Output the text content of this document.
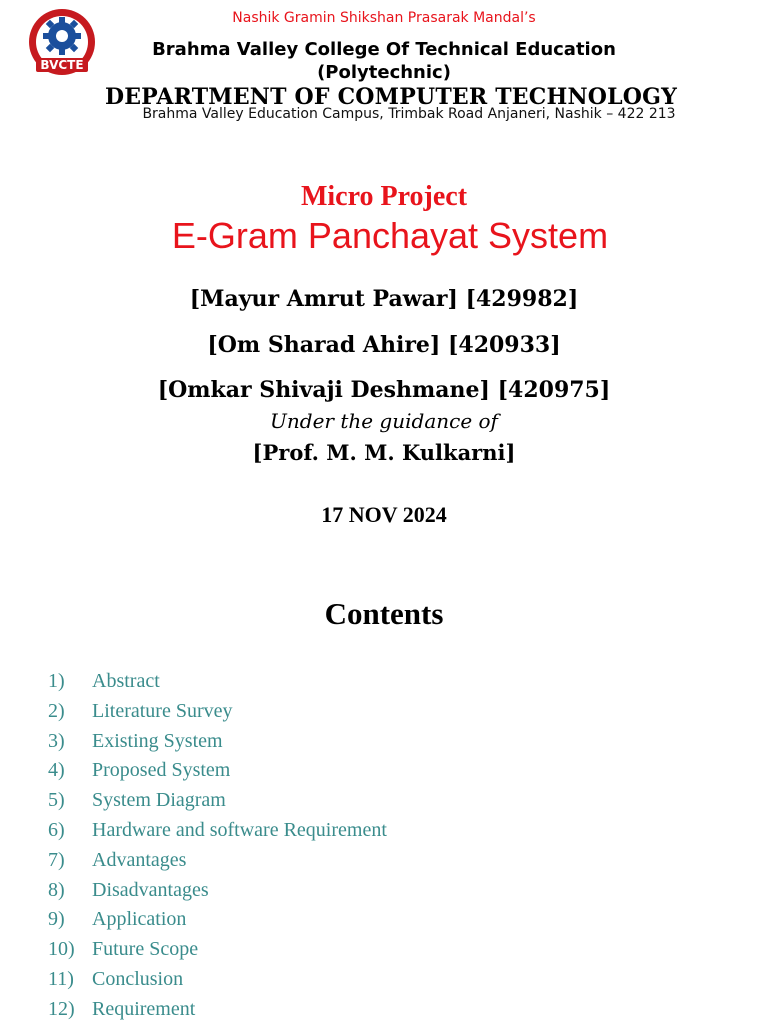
BVCTE
Nashik Gramin Shikshan Prasarak Mandal’s
Brahma Valley College Of Technical Education
(Polytechnic)
DEPARTMENT OF COMPUTER TECHNOLOGY
Brahma Valley Education Campus, Trimbak Road Anjaneri, Nashik – 422 213
Micro Project
E-Gram Panchayat System
[Mayur Amrut Pawar] [429982]
[Om Sharad Ahire] [420933]
[Omkar Shivaji Deshmane] [420975]
Under the guidance of
[Prof. M. M. Kulkarni]
17 NOV 2024
Contents
1) Abstract
2) Literature Survey
3) Existing System
4) Proposed System
5) System Diagram
6) Hardware and software Requirement
7) Advantages
8) Disadvantages
9) Application
10) Future Scope
11) Conclusion
12) Requirement
